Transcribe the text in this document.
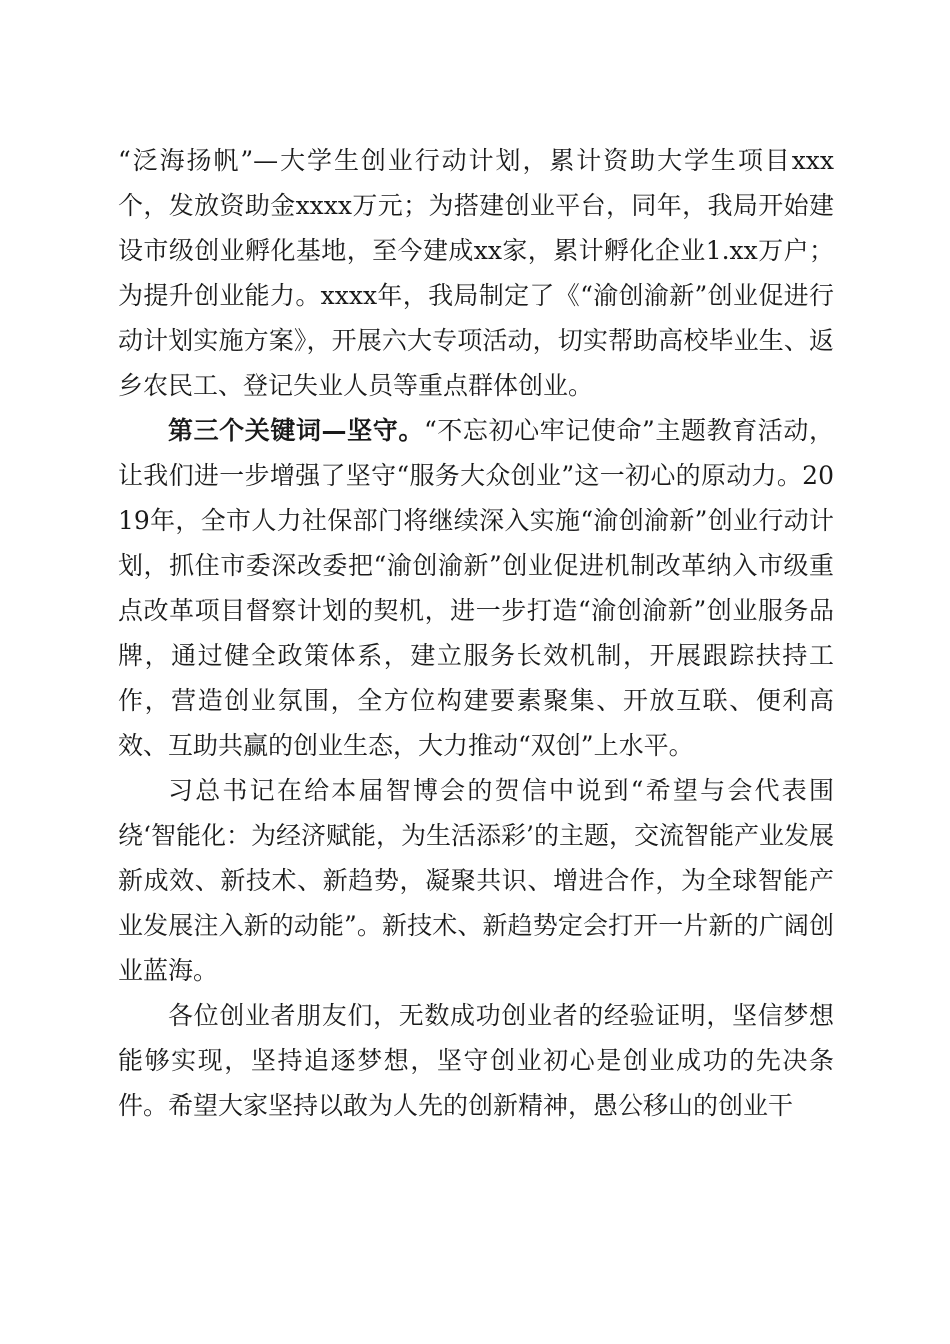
“泛海扬帆”—大学生创业行动计划，累计资助大学生项目xxx个，发放资助金xxxx万元；为搭建创业平台，同年，我局开始建设市级创业孵化基地，至今建成xx家，累计孵化企业1.xx万户；为提升创业能力。xxxx年，我局制定了《“渝创渝新”创业促进行动计划实施方案》，开展六大专项活动，切实帮助高校毕业生、返乡农民工、登记失业人员等重点群体创业。

第三个关键词—坚守。“不忘初心牢记使命”主题教育活动，让我们进一步增强了坚守“服务大众创业”这一初心的原动力。2019年，全市人力社保部门将继续深入实施“渝创渝新”创业行动计划，抓住市委深改委把“渝创渝新”创业促进机制改革纳入市级重点改革项目督察计划的契机，进一步打造“渝创渝新”创业服务品牌，通过健全政策体系，建立服务长效机制，开展跟踪扶持工作，营造创业氛围，全方位构建要素聚集、开放互联、便利高效、互助共赢的创业生态，大力推动“双创”上水平。

习总书记在给本届智博会的贺信中说到“希望与会代表围绕‘智能化：为经济赋能，为生活添彩’的主题，交流智能产业发展新成效、新技术、新趋势，凝聚共识、增进合作，为全球智能产业发展注入新的动能”。新技术、新趋势定会打开一片新的广阔创业蓝海。

各位创业者朋友们，无数成功创业者的经验证明，坚信梦想能够实现，坚持追逐梦想，坚守创业初心是创业成功的先决条件。希望大家坚持以敢为人先的创新精神，愚公移山的创业干
